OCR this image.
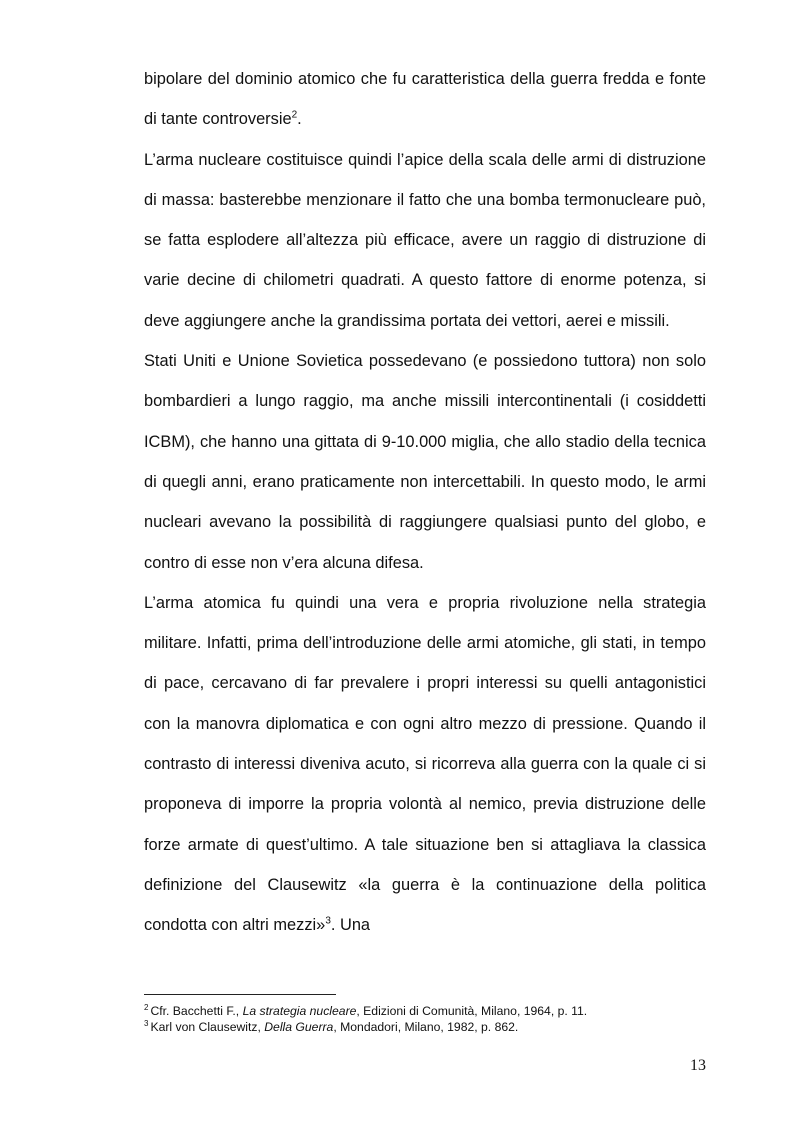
bipolare del dominio atomico che fu caratteristica della guerra fredda e fonte di tante controversie$^2$.

L’arma nucleare costituisce quindi l’apice della scala delle armi di distruzione di massa: basterebbe menzionare il fatto che una bomba termonucleare può, se fatta esplodere all’altezza più efficace, avere un raggio di distruzione di varie decine di chilometri quadrati. A questo fattore di enorme potenza, si deve aggiungere anche la grandissima portata dei vettori, aerei e missili.

Stati Uniti e Unione Sovietica possedevano (e possiedono tuttora) non solo bombardieri a lungo raggio, ma anche missili intercontinentali (i cosiddetti ICBM), che hanno una gittata di 9-10.000 miglia, che allo stadio della tecnica di quegli anni, erano praticamente non intercettabili. In questo modo, le armi nucleari avevano la possibilità di raggiungere qualsiasi punto del globo, e contro di esse non v’era alcuna difesa.

L’arma atomica fu quindi una vera e propria rivoluzione nella strategia militare. Infatti, prima dell’introduzione delle armi atomiche, gli stati, in tempo di pace, cercavano di far prevalere i propri interessi su quelli antagonistici con la manovra diplomatica e con ogni altro mezzo di pressione. Quando il contrasto di interessi diveniva acuto, si ricorreva alla guerra con la quale ci si proponeva di imporre la propria volontà al nemico, previa distruzione delle forze armate di quest’ultimo. A tale situazione ben si attagliava la classica definizione del Clausewitz «la guerra è la continuazione della politica condotta con altri mezzi»$^3$. Una

$^2$ Cfr. Bacchetti F., La strategia nucleare, Edizioni di Comunità, Milano, 1964, p. 11.

$^3$ Karl von Clausewitz, Della Guerra, Mondadori, Milano, 1982, p. 862.

13
